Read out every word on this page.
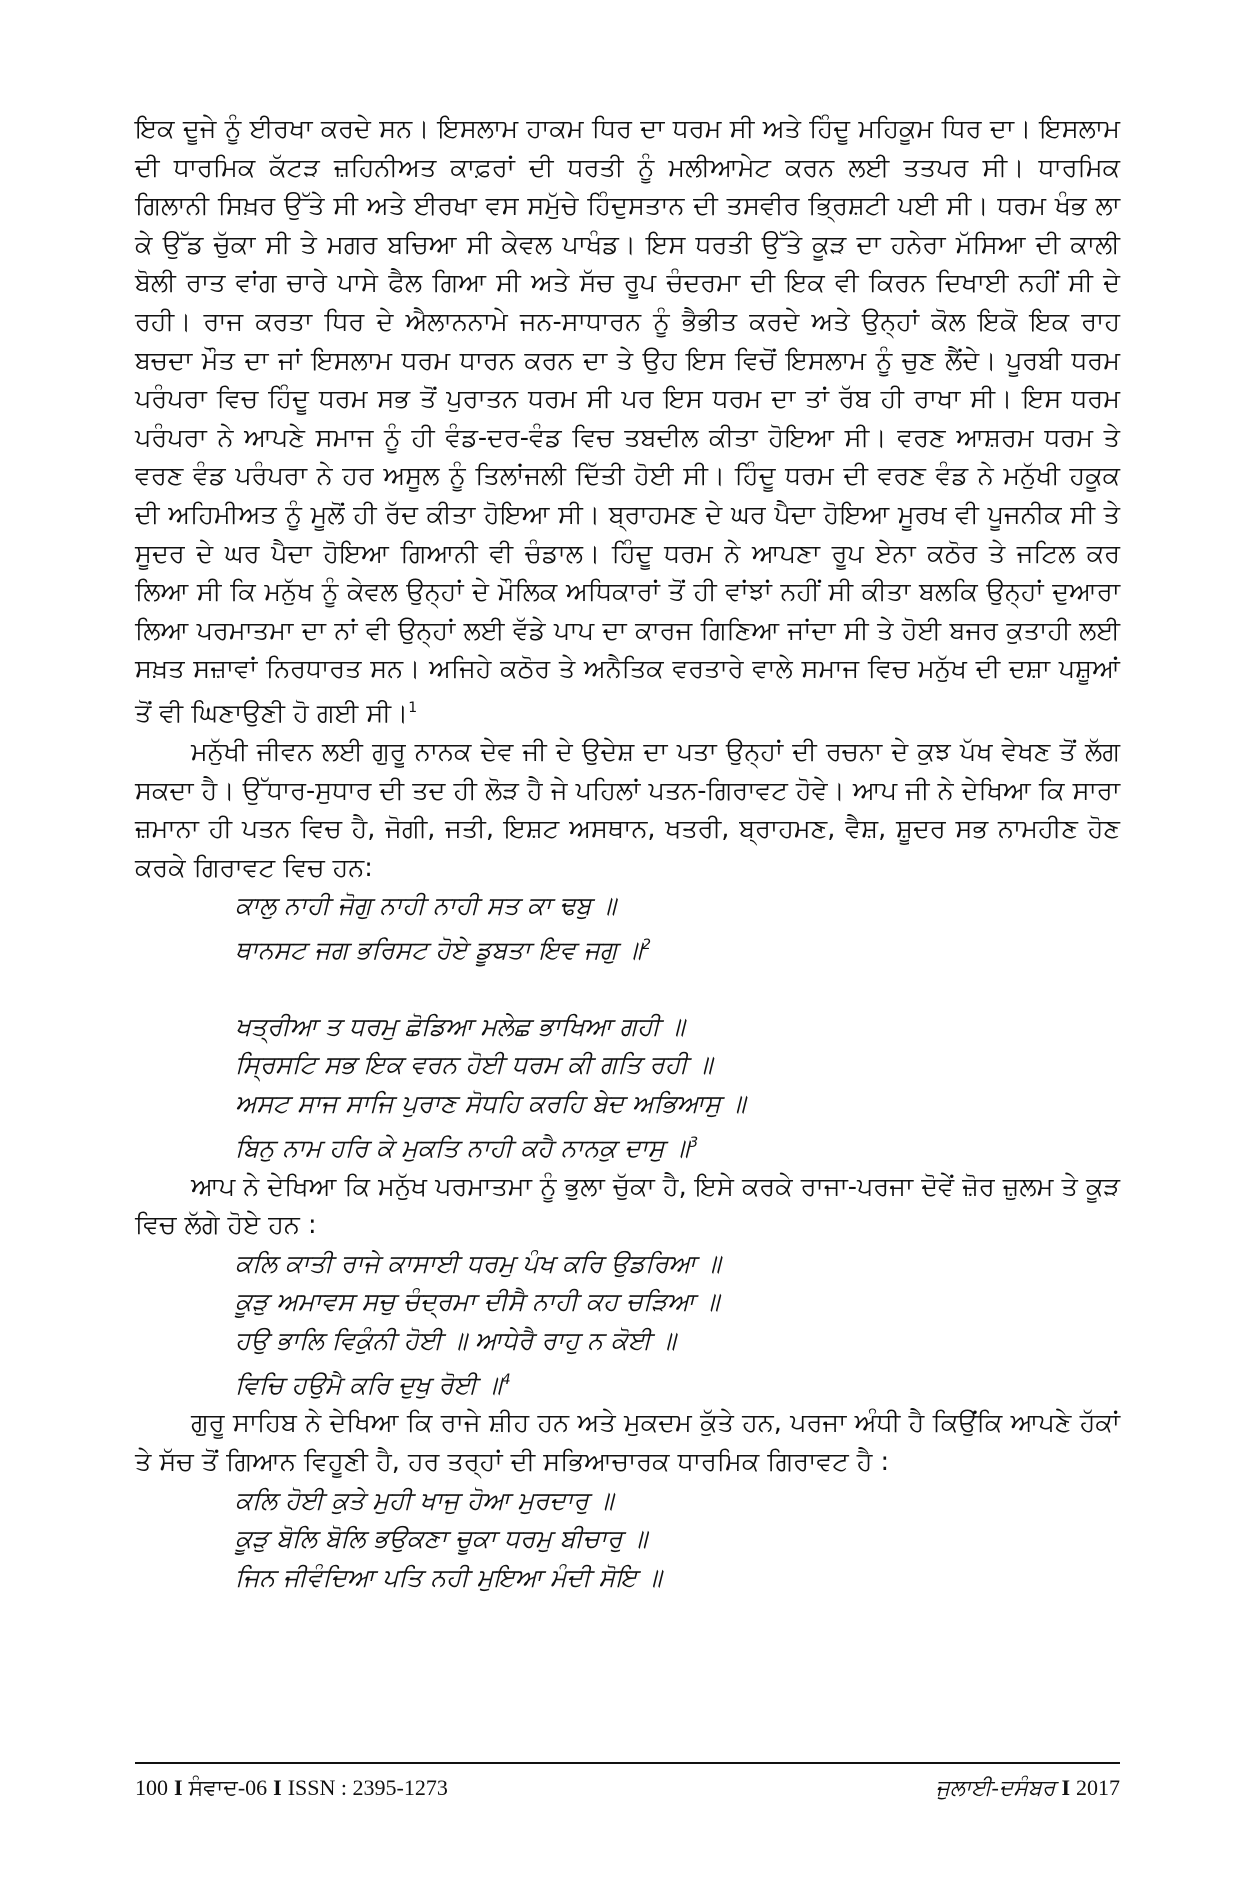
ਇਕ ਦੂਜੇ ਨੂੰ ਈਰਖਾ ਕਰਦੇ ਸਨ। ਇਸਲਾਮ ਹਾਕਮ ਧਿਰ ਦਾ ਧਰਮ ਸੀ ਅਤੇ ਹਿੰਦੂ ਮਹਿਕੂਮ ਧਿਰ ਦਾ। ਇਸਲਾਮ ਦੀ ਧਾਰਮਿਕ ਕੱਟੜ ਜ਼ਹਿਨੀਅਤ ਕਾਫ਼ਰਾਂ ਦੀ ਧਰਤੀ ਨੂੰ ਮਲੀਆਮੇਟ ਕਰਨ ਲਈ ਤਤਪਰ ਸੀ। ਧਾਰਮਿਕ ਗਿਲਾਨੀ ਸਿਖ਼ਰ ਉੱਤੇ ਸੀ ਅਤੇ ਈਰਖਾ ਵਸ ਸਮੁੱਚੇ ਹਿੰਦੁਸਤਾਨ ਦੀ ਤਸਵੀਰ ਭ੍ਰਿਸ਼ਟੀ ਪਈ ਸੀ। ਧਰਮ ਖੰਭ ਲਾ ਕੇ ਉੱਡ ਚੁੱਕਾ ਸੀ ਤੇ ਮਗਰ ਬਚਿਆ ਸੀ ਕੇਵਲ ਪਾਖੰਡ। ਇਸ ਧਰਤੀ ਉੱਤੇ ਕੂੜ ਦਾ ਹਨੇਰਾ ਮੱਸਿਆ ਦੀ ਕਾਲੀ ਬੋਲੀ ਰਾਤ ਵਾਂਗ ਚਾਰੇ ਪਾਸੇ ਫੈਲ ਗਿਆ ਸੀ ਅਤੇ ਸੱਚ ਰੂਪ ਚੰਦਰਮਾ ਦੀ ਇਕ ਵੀ ਕਿਰਨ ਦਿਖਾਈ ਨਹੀਂ ਸੀ ਦੇ ਰਹੀ। ਰਾਜ ਕਰਤਾ ਧਿਰ ਦੇ ਐਲਾਨਨਾਮੇ ਜਨ-ਸਾਧਾਰਨ ਨੂੰ ਭੈਭੀਤ ਕਰਦੇ ਅਤੇ ਉਨ੍ਹਾਂ ਕੋਲ ਇਕੋ ਇਕ ਰਾਹ ਬਚਦਾ ਮੌਤ ਦਾ ਜਾਂ ਇਸਲਾਮ ਧਰਮ ਧਾਰਨ ਕਰਨ ਦਾ ਤੇ ਉਹ ਇਸ ਵਿਚੋਂ ਇਸਲਾਮ ਨੂੰ ਚੁਣ ਲੈਂਦੇ। ਪੂਰਬੀ ਧਰਮ ਪਰੰਪਰਾ ਵਿਚ ਹਿੰਦੂ ਧਰਮ ਸਭ ਤੋਂ ਪੁਰਾਤਨ ਧਰਮ ਸੀ ਪਰ ਇਸ ਧਰਮ ਦਾ ਤਾਂ ਰੱਬ ਹੀ ਰਾਖਾ ਸੀ। ਇਸ ਧਰਮ ਪਰੰਪਰਾ ਨੇ ਆਪਣੇ ਸਮਾਜ ਨੂੰ ਹੀ ਵੰਡ-ਦਰ-ਵੰਡ ਵਿਚ ਤਬਦੀਲ ਕੀਤਾ ਹੋਇਆ ਸੀ। ਵਰਣ ਆਸ਼ਰਮ ਧਰਮ ਤੇ ਵਰਣ ਵੰਡ ਪਰੰਪਰਾ ਨੇ ਹਰ ਅਸੂਲ ਨੂੰ ਤਿਲਾਂਜਲੀ ਦਿੱਤੀ ਹੋਈ ਸੀ। ਹਿੰਦੂ ਧਰਮ ਦੀ ਵਰਣ ਵੰਡ ਨੇ ਮਨੁੱਖੀ ਹਕੂਕ ਦੀ ਅਹਿਮੀਅਤ ਨੂੰ ਮੂਲੋਂ ਹੀ ਰੱਦ ਕੀਤਾ ਹੋਇਆ ਸੀ। ਬ੍ਰਾਹਮਣ ਦੇ ਘਰ ਪੈਦਾ ਹੋਇਆ ਮੂਰਖ ਵੀ ਪੂਜਨੀਕ ਸੀ ਤੇ ਸੂਦਰ ਦੇ ਘਰ ਪੈਦਾ ਹੋਇਆ ਗਿਆਨੀ ਵੀ ਚੰਡਾਲ। ਹਿੰਦੂ ਧਰਮ ਨੇ ਆਪਣਾ ਰੂਪ ਏਨਾ ਕਠੋਰ ਤੇ ਜਟਿਲ ਕਰ ਲਿਆ ਸੀ ਕਿ ਮਨੁੱਖ ਨੂੰ ਕੇਵਲ ਉਨ੍ਹਾਂ ਦੇ ਮੌਲਿਕ ਅਧਿਕਾਰਾਂ ਤੋਂ ਹੀ ਵਾਂਝਾਂ ਨਹੀਂ ਸੀ ਕੀਤਾ ਬਲਕਿ ਉਨ੍ਹਾਂ ਦੁਆਰਾ ਲਿਆ ਪਰਮਾਤਮਾ ਦਾ ਨਾਂ ਵੀ ਉਨ੍ਹਾਂ ਲਈ ਵੱਡੇ ਪਾਪ ਦਾ ਕਾਰਜ ਗਿਣਿਆ ਜਾਂਦਾ ਸੀ ਤੇ ਹੋਈ ਬਜਰ ਕੁਤਾਹੀ ਲਈ ਸਖ਼ਤ ਸਜ਼ਾਵਾਂ ਨਿਰਧਾਰਤ ਸਨ। ਅਜਿਹੇ ਕਠੋਰ ਤੇ ਅਨੈਤਿਕ ਵਰਤਾਰੇ ਵਾਲੇ ਸਮਾਜ ਵਿਚ ਮਨੁੱਖ ਦੀ ਦਸ਼ਾ ਪਸ਼ੂਆਂ ਤੋਂ ਵੀ ਘਿਣਾਉਣੀ ਹੋ ਗਈ ਸੀ।$^1$

ਮਨੁੱਖੀ ਜੀਵਨ ਲਈ ਗੁਰੂ ਨਾਨਕ ਦੇਵ ਜੀ ਦੇ ਉਦੇਸ਼ ਦਾ ਪਤਾ ਉਨ੍ਹਾਂ ਦੀ ਰਚਨਾ ਦੇ ਕੁਝ ਪੱਖ ਵੇਖਣ ਤੋਂ ਲੱਗ ਸਕਦਾ ਹੈ। ਉੱਧਾਰ-ਸੁਧਾਰ ਦੀ ਤਦ ਹੀ ਲੋੜ ਹੈ ਜੇ ਪਹਿਲਾਂ ਪਤਨ-ਗਿਰਾਵਟ ਹੋਵੇ। ਆਪ ਜੀ ਨੇ ਦੇਖਿਆ ਕਿ ਸਾਰਾ ਜ਼ਮਾਨਾ ਹੀ ਪਤਨ ਵਿਚ ਹੈ, ਜੋਗੀ, ਜਤੀ, ਇਸ਼ਟ ਅਸਥਾਨ, ਖਤਰੀ, ਬ੍ਰਾਹਮਣ, ਵੈਸ਼, ਸ਼ੂਦਰ ਸਭ ਨਾਮਹੀਣ ਹੋਣ ਕਰਕੇ ਗਿਰਾਵਟ ਵਿਚ ਹਨ:

ਕਾਲੁ ਨਾਹੀ ਜੋਗੁ ਨਾਹੀ ਨਾਹੀ ਸਤ ਕਾ ਢਬੁ ॥

ਥਾਨਸਟ ਜਗ ਭਰਿਸਟ ਹੋਏ ਡੂਬਤਾ ਇਵ ਜਗੁ ॥$^2$

ਖਤ੍ਰੀਆ ਤ ਧਰਮੁ ਛੋਡਿਆ ਮਲੇਛ ਭਾਖਿਆ ਗਹੀ ॥

ਸ੍ਰਿਸਟਿ ਸਭ ਇਕ ਵਰਨ ਹੋਈ ਧਰਮ ਕੀ ਗਤਿ ਰਹੀ ॥

ਅਸਟ ਸਾਜ ਸਾਜਿ ਪੁਰਾਣ ਸੋਧਹਿ ਕਰਹਿ ਬੇਦ ਅਭਿਆਸੁ ॥

ਬਿਨੁ ਨਾਮ ਹਰਿ ਕੇ ਮੁਕਤਿ ਨਾਹੀ ਕਹੈ ਨਾਨਕੁ ਦਾਸੁ ॥$^3$

ਆਪ ਨੇ ਦੇਖਿਆ ਕਿ ਮਨੁੱਖ ਪਰਮਾਤਮਾ ਨੂੰ ਭੁਲਾ ਚੁੱਕਾ ਹੈ, ਇਸੇ ਕਰਕੇ ਰਾਜਾ-ਪਰਜਾ ਦੋਵੇਂ ਜ਼ੋਰ ਜ਼ੁਲਮ ਤੇ ਕੂੜ ਵਿਚ ਲੱਗੇ ਹੋਏ ਹਨ :

ਕਲਿ ਕਾਤੀ ਰਾਜੇ ਕਾਸਾਈ ਧਰਮੁ ਪੰਖ ਕਰਿ ਉਡਰਿਆ ॥

ਕੂੜੁ ਅਮਾਵਸ ਸਚੁ ਚੰਦ੍ਰਮਾ ਦੀਸੈ ਨਾਹੀ ਕਹ ਚੜਿਆ ॥

ਹਉ ਭਾਲਿ ਵਿਕੁੰਨੀ ਹੋਈ ॥ ਆਧੇਰੈ ਰਾਹੁ ਨ ਕੋਈ ॥

ਵਿਚਿ ਹਉਮੈ ਕਰਿ ਦੁਖੁ ਰੋਈ ॥$^4$

ਗੁਰੂ ਸਾਹਿਬ ਨੇ ਦੇਖਿਆ ਕਿ ਰਾਜੇ ਸ਼ੀਹ ਹਨ ਅਤੇ ਮੁਕਦਮ ਕੁੱਤੇ ਹਨ, ਪਰਜਾ ਅੰਧੀ ਹੈ ਕਿਉਂਕਿ ਆਪਣੇ ਹੱਕਾਂ ਤੇ ਸੱਚ ਤੋਂ ਗਿਆਨ ਵਿਹੂਣੀ ਹੈ, ਹਰ ਤਰ੍ਹਾਂ ਦੀ ਸਭਿਆਚਾਰਕ ਧਾਰਮਿਕ ਗਿਰਾਵਟ ਹੈ :

ਕਲਿ ਹੋਈ ਕੁਤੇ ਮੁਹੀ ਖਾਜੁ ਹੋਆ ਮੁਰਦਾਰੁ ॥

ਕੂੜੁ ਬੋਲਿ ਬੋਲਿ ਭਉਕਣਾ ਚੂਕਾ ਧਰਮੁ ਬੀਚਾਰੁ ॥

ਜਿਨ ਜੀਵੰਦਿਆ ਪਤਿ ਨਹੀ ਮੁਇਆ ਮੰਦੀ ਸੋਇ ॥

100 I ਸੰਵਾਦ-06 I ISSN : 2395-1273	ਜੁਲਾਈ-ਦਸੰਬਰ I 2017
